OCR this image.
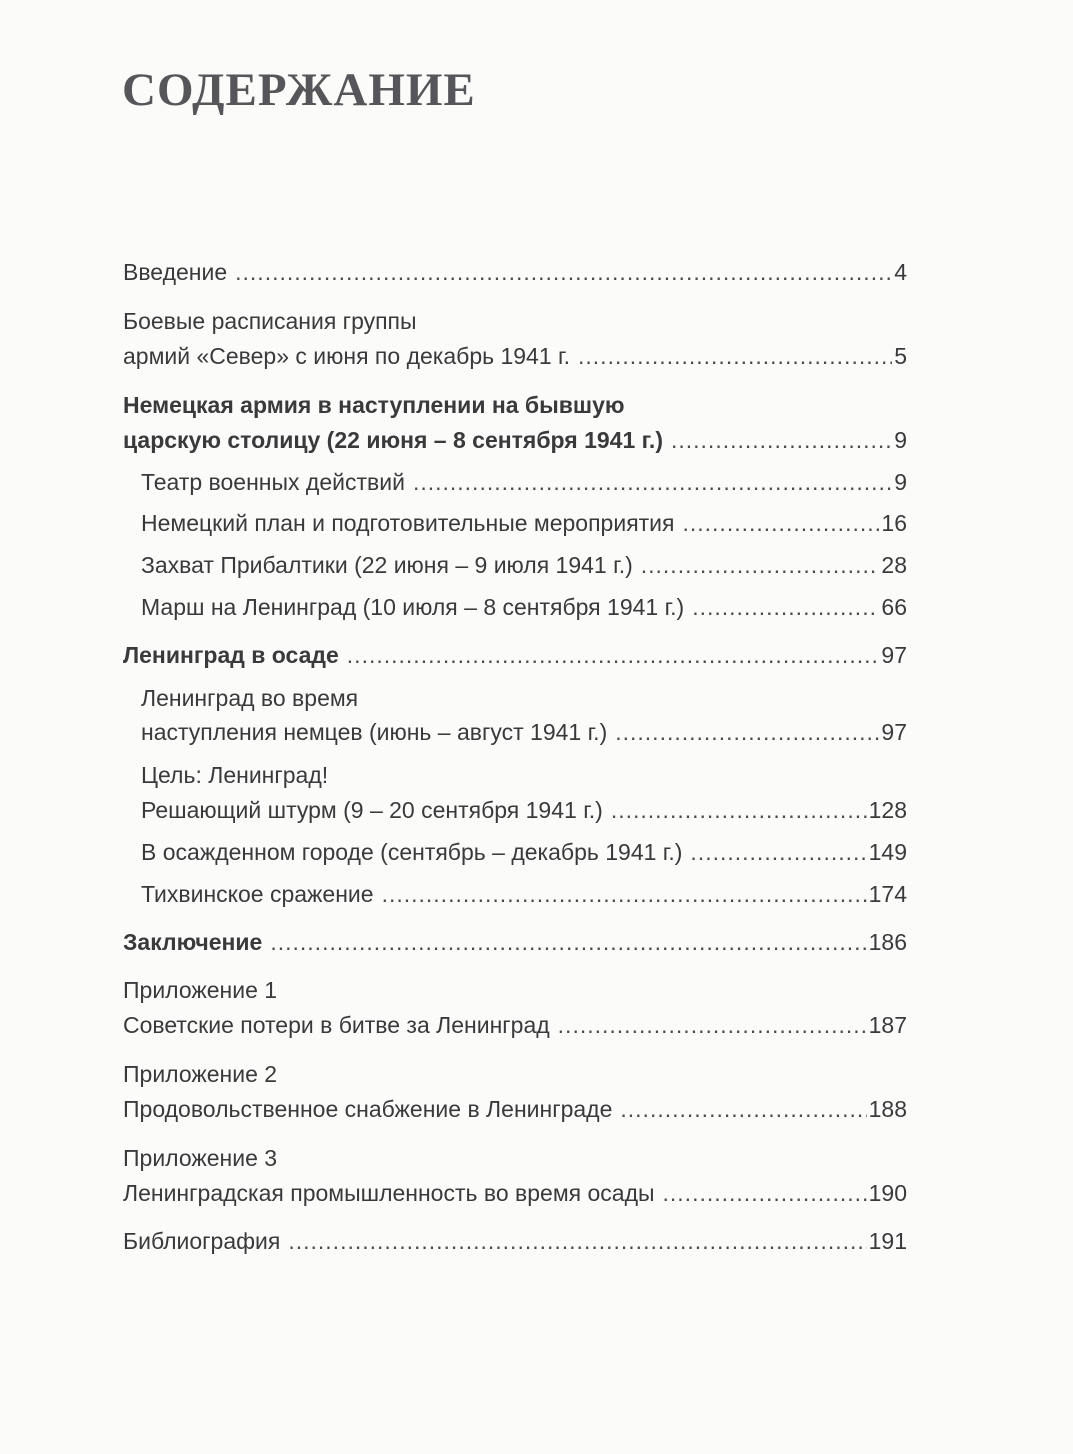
СОДЕРЖАНИЕ
Введение .....	4
Боевые расписания группы
армий «Север» с июня по декабрь 1941 г. .....	5
Немецкая армия в наступлении на бывшую
царскую столицу (22 июня – 8 сентября 1941 г.) .....	9
Театр военных действий .....	9
Немецкий план и подготовительные мероприятия .....	16
Захват Прибалтики (22 июня – 9 июля 1941 г.) .....	28
Марш на Ленинград (10 июля – 8 сентября 1941 г.) .....	66
Ленинград в осаде .....	97
Ленинград во время
наступления немцев (июнь – август 1941 г.) .....	97
Цель: Ленинград!
Решающий штурм (9 – 20 сентября 1941 г.) .....	128
В осажденном городе (сентябрь – декабрь 1941 г.) .....	149
Тихвинское сражение .....	174
Заключение .....	186
Приложение 1
Советские потери в битве за Ленинград .....	187
Приложение 2
Продовольственное снабжение в Ленинграде .....	188
Приложение 3
Ленинградская промышленность во время осады .....	190
Библиография .....	191
